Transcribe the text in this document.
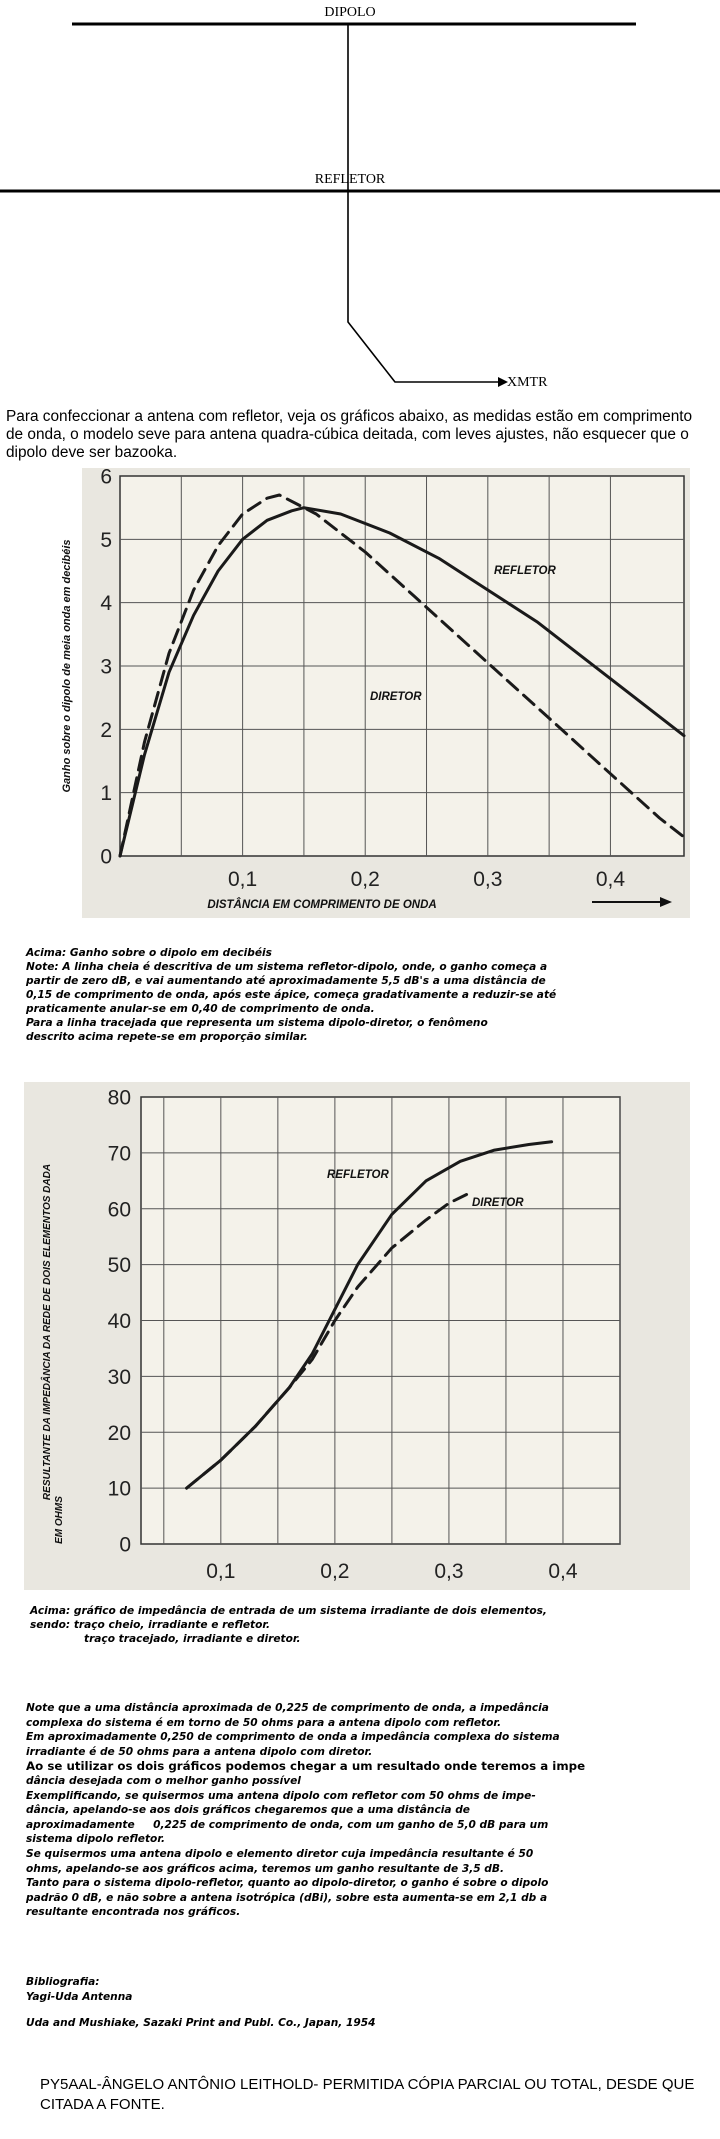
DIPOLO
REFLETOR
XMTR
Para confeccionar a antena com refletor, veja os gráficos abaixo, as medidas estão em comprimento de onda, o modelo seve para antena quadra-cúbica deitada, com leves ajustes, não esquecer que o dipolo deve ser bazooka.
0
1
2
3
4
5
6
0,1	0,2	0,3	0,4
REFLETOR
DIRETOR
Ganho sobre o dipolo de meia onda em decibéis
DISTÂNCIA EM COMPRIMENTO DE ONDA
Acima: Ganho sobre o dipolo em decibéis
Note: A linha cheia é descritiva de um sistema refletor-dipolo, onde, o ganho começa a
partir de zero dB, e vai aumentando até aproximadamente 5,5 dB's a uma distância de
0,15 de comprimento de onda, após este ápice, começa gradativamente a reduzir-se até
praticamente anular-se em 0,40 de comprimento de onda.
Para a linha tracejada que representa um sistema dipolo-diretor, o fenômeno
descrito acima repete-se em proporção similar.
0
10
20
30
40
50
60
70
80
0,1	0,2	0,3	0,4
REFLETOR
DIRETOR
RESULTANTE DA IMPEDÂNCIA DA REDE DE DOIS ELEMENTOS DADAEM OHMS
Acima: gráfico de impedância de entrada de um sistema irradiante de dois elementos,
sendo: traço cheio, irradiante e refletor.
traço tracejado, irradiante e diretor.

Note que a uma distância aproximada de 0,225 de comprimento de onda, a impedância

complexa do sistema é em torno de 50 ohms para a antena dipolo com refletor.

Em aproximadamente 0,250 de comprimento de onda a impedância complexa do sistema

irradiante é de 50 ohms para a antena dipolo com diretor.

Ao se utilizar os dois gráficos podemos chegar a um resultado onde teremos a impe

dância desejada com o melhor ganho possível

Exemplificando, se quisermos uma antena dipolo com refletor com 50 ohms de impe-

dância, apelando-se aos dois gráficos chegaremos que a uma distância de

aproximadamente     0,225 de comprimento de onda, com um ganho de 5,0 dB para um

sistema dipolo refletor.

Se quisermos uma antena dipolo e elemento diretor cuja impedância resultante é 50

ohms, apelando-se aos gráficos acima, teremos um ganho resultante de 3,5 dB.

Tanto para o sistema dipolo-refletor, quanto ao dipolo-diretor, o ganho é sobre o dipolo

padrão 0 dB, e não sobre a antena isotrópica (dBi), sobre esta aumenta-se em 2,1 db a

resultante encontrada nos gráficos.

Bibliografia:

Yagi-Uda Antenna

Uda and Mushiake, Sazaki Print and Publ. Co., Japan, 1954

PY5AAL-ÂNGELO ANTÔNIO LEITHOLD- PERMITIDA CÓPIA PARCIAL OU TOTAL, DESDE QUE CITADA A FONTE.
